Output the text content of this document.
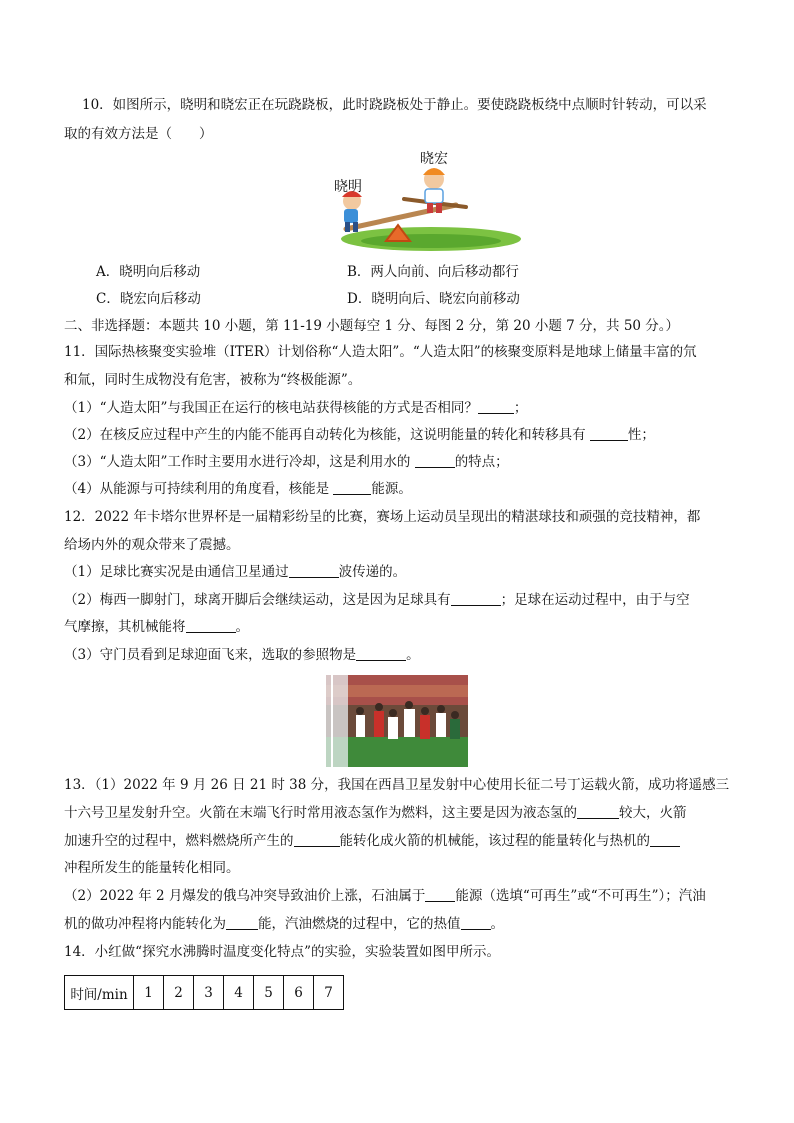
10．如图所示，晓明和晓宏正在玩跷跷板，此时跷跷板处于静止。要使跷跷板绕中点顺时针转动，可以采
取的有效方法是（　　）
晓宏
晓明
A．晓明向后移动	B．两人向前、向后移动都行
C．晓宏向后移动	D．晓明向后、晓宏向前移动
二、非选择题：本题共 10 小题，第 11-19 小题每空 1 分、每图 2 分，第 20 小题 7 分，共 50 分。）
11．国际热核聚变实验堆（ITER）计划俗称“人造太阳”。“人造太阳”的核聚变原料是地球上储量丰富的氘
和氚，同时生成物没有危害，被称为“终极能源”。
（1）“人造太阳”与我国正在运行的核电站获得核能的方式是否相同？	；
（2）在核反应过程中产生的内能不能再自动转化为核能，这说明能量的转化和转移具有	性；
（3）“人造太阳”工作时主要用水进行冷却，这是利用水的	的特点；
（4）从能源与可持续利用的角度看，核能是	能源。
12．2022 年卡塔尔世界杯是一届精彩纷呈的比赛，赛场上运动员呈现出的精湛球技和顽强的竞技精神，都
给场内外的观众带来了震撼。
（1）足球比赛实况是由通信卫星通过	波传递的。
（2）梅西一脚射门，球离开脚后会继续运动，这是因为足球具有	；足球在运动过程中，由于与空
气摩擦，其机械能将	。
（3）守门员看到足球迎面飞来，选取的参照物是	。
13．（1）2022 年 9 月 26 日 21 时 38 分，我国在西昌卫星发射中心使用长征二号丁运载火箭，成功将遥感三
十六号卫星发射升空。火箭在末端飞行时常用液态氢作为燃料，这主要是因为液态氢的	较大，火箭
加速升空的过程中，燃料燃烧所产生的	能转化成火箭的机械能，该过程的能量转化与热机的
冲程所发生的能量转化相同。
（2）2022 年 2 月爆发的俄乌冲突导致油价上涨，石油属于 能源（选填“可再生”或“不可再生”）；汽油
机的做功冲程将内能转化为 能，汽油燃烧的过程中，它的热值 。
14．小红做“探究水沸腾时温度变化特点”的实验，实验装置如图甲所示。
时间/min	1	2	3	4	5	6	7
